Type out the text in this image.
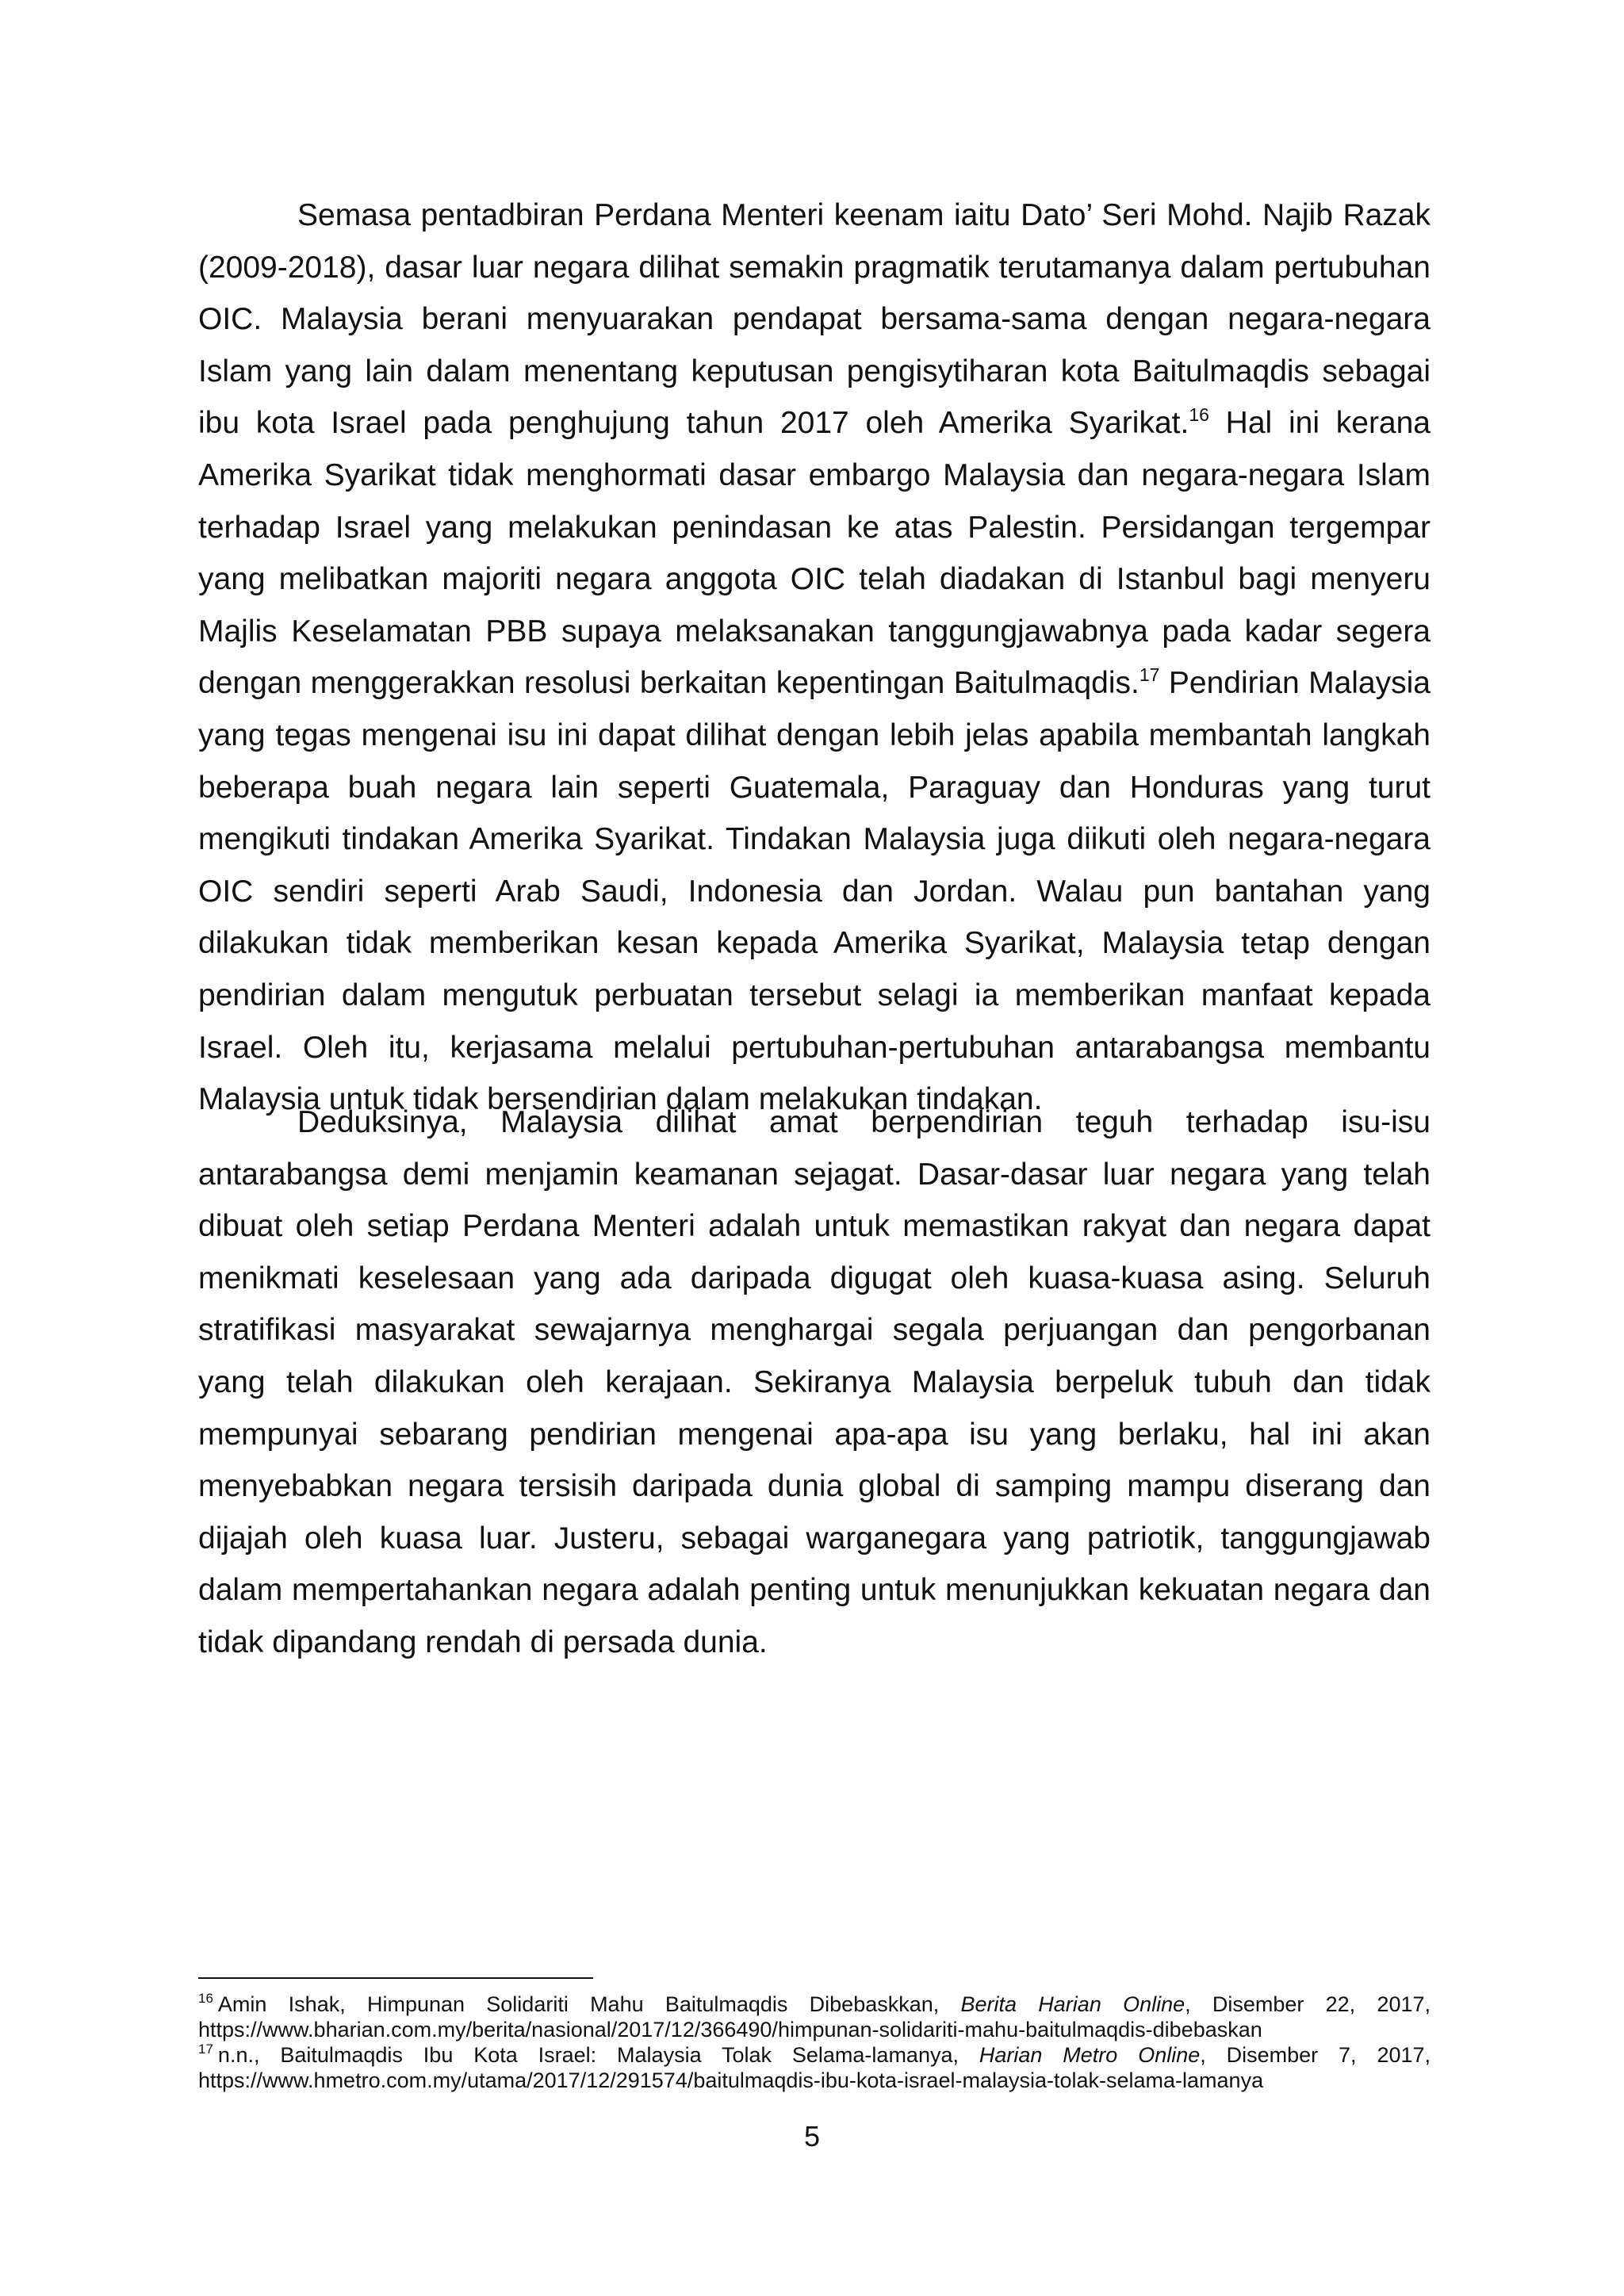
Semasa pentadbiran Perdana Menteri keenam iaitu Dato’ Seri Mohd. Najib Razak (2009-2018), dasar luar negara dilihat semakin pragmatik terutamanya dalam pertubuhan OIC. Malaysia berani menyuarakan pendapat bersama-sama dengan negara-negara Islam yang lain dalam menentang keputusan pengisytiharan kota Baitulmaqdis sebagai ibu kota Israel pada penghujung tahun 2017 oleh Amerika Syarikat.$^{16}$ Hal ini kerana Amerika Syarikat tidak menghormati dasar embargo Malaysia dan negara-negara Islam terhadap Israel yang melakukan penindasan ke atas Palestin. Persidangan tergempar yang melibatkan majoriti negara anggota OIC telah diadakan di Istanbul bagi menyeru Majlis Keselamatan PBB supaya melaksanakan tanggungjawabnya pada kadar segera dengan menggerakkan resolusi berkaitan kepentingan Baitulmaqdis.$^{17}$ Pendirian Malaysia yang tegas mengenai isu ini dapat dilihat dengan lebih jelas apabila membantah langkah beberapa buah negara lain seperti Guatemala, Paraguay dan Honduras yang turut mengikuti tindakan Amerika Syarikat. Tindakan Malaysia juga diikuti oleh negara-negara OIC sendiri seperti Arab Saudi, Indonesia dan Jordan. Walau pun bantahan yang dilakukan tidak memberikan kesan kepada Amerika Syarikat, Malaysia tetap dengan pendirian dalam mengutuk perbuatan tersebut selagi ia memberikan manfaat kepada Israel. Oleh itu, kerjasama melalui pertubuhan-pertubuhan antarabangsa membantu Malaysia untuk tidak bersendirian dalam melakukan tindakan.

Deduksinya, Malaysia dilihat amat berpendirian teguh terhadap isu-isu antarabangsa demi menjamin keamanan sejagat. Dasar-dasar luar negara yang telah dibuat oleh setiap Perdana Menteri adalah untuk memastikan rakyat dan negara dapat menikmati keselesaan yang ada daripada digugat oleh kuasa-kuasa asing. Seluruh stratifikasi masyarakat sewajarnya menghargai segala perjuangan dan pengorbanan yang telah dilakukan oleh kerajaan. Sekiranya Malaysia berpeluk tubuh dan tidak mempunyai sebarang pendirian mengenai apa-apa isu yang berlaku, hal ini akan menyebabkan negara tersisih daripada dunia global di samping mampu diserang dan dijajah oleh kuasa luar. Justeru, sebagai warganegara yang patriotik, tanggungjawab dalam mempertahankan negara adalah penting untuk menunjukkan kekuatan negara dan tidak dipandang rendah di persada dunia.

$^{16}$ Amin Ishak, Himpunan Solidariti Mahu Baitulmaqdis Dibebaskkan, Berita Harian Online, Disember 22, 2017,
https://www.bharian.com.my/berita/nasional/2017/12/366490/himpunan-solidariti-mahu-baitulmaqdis-dibebaskan

$^{17}$ n.n., Baitulmaqdis Ibu Kota Israel: Malaysia Tolak Selama-lamanya, Harian Metro Online, Disember 7, 2017,
https://www.hmetro.com.my/utama/2017/12/291574/baitulmaqdis-ibu-kota-israel-malaysia-tolak-selama-lamanya

5
